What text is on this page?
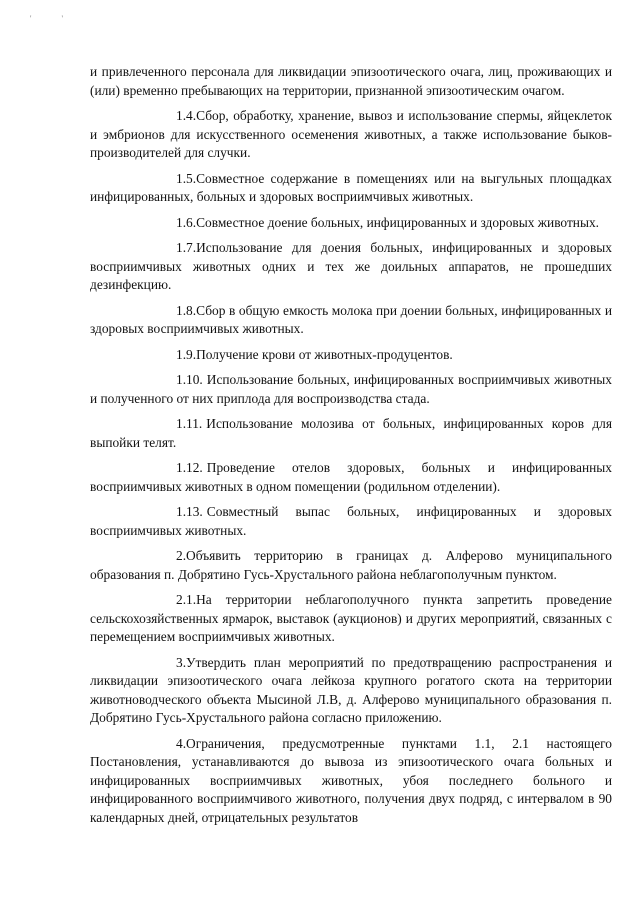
' '

и привлеченного персонала для ликвидации эпизоотического очага, лиц, проживающих и (или) временно пребывающих на территории, признанной эпизоотическим очагом.

1.4.Сбор, обработку, хранение, вывоз и использование спермы, яйцеклеток и эмбрионов для искусственного осеменения животных, а также использование быков-производителей для случки.

1.5.Совместное содержание в помещениях или на выгульных площадках инфицированных, больных и здоровых восприимчивых животных.

1.6.Совместное доение больных, инфицированных и здоровых животных.

1.7.Использование для доения больных, инфицированных и здоровых восприимчивых животных одних и тех же доильных аппаратов, не прошедших дезинфекцию.

1.8.Сбор в общую емкость молока при доении больных, инфицированных и здоровых восприимчивых животных.

1.9.Получение крови от животных-продуцентов.

1.10. Использование больных, инфицированных восприимчивых животных и полученного от них приплода для воспроизводства стада.

1.11. Использование молозива от больных, инфицированных коров для выпойки телят.

1.12. Проведение отелов здоровых, больных и инфицированных восприимчивых животных в одном помещении (родильном отделении).

1.13. Совместный выпас больных, инфицированных и здоровых восприимчивых животных.

2.Объявить территорию в границах д. Алферово муниципального образования п. Добрятино Гусь-Хрустального района неблагополучным пунктом.

2.1.На территории неблагополучного пункта запретить проведение сельскохозяйственных ярмарок, выставок (аукционов) и других мероприятий, связанных с перемещением восприимчивых животных.

3.Утвердить план мероприятий по предотвращению распространения и ликвидации эпизоотического очага лейкоза крупного рогатого скота на территории животноводческого объекта Мысиной Л.В, д. Алферово муниципального образования п. Добрятино Гусь-Хрустального района согласно приложению.

4.Ограничения, предусмотренные пунктами 1.1, 2.1 настоящего Постановления, устанавливаются до вывоза из эпизоотического очага больных и инфицированных восприимчивых животных, убоя последнего больного и инфицированного восприимчивого животного, получения двух подряд, с интервалом в 90 календарных дней, отрицательных результатов
